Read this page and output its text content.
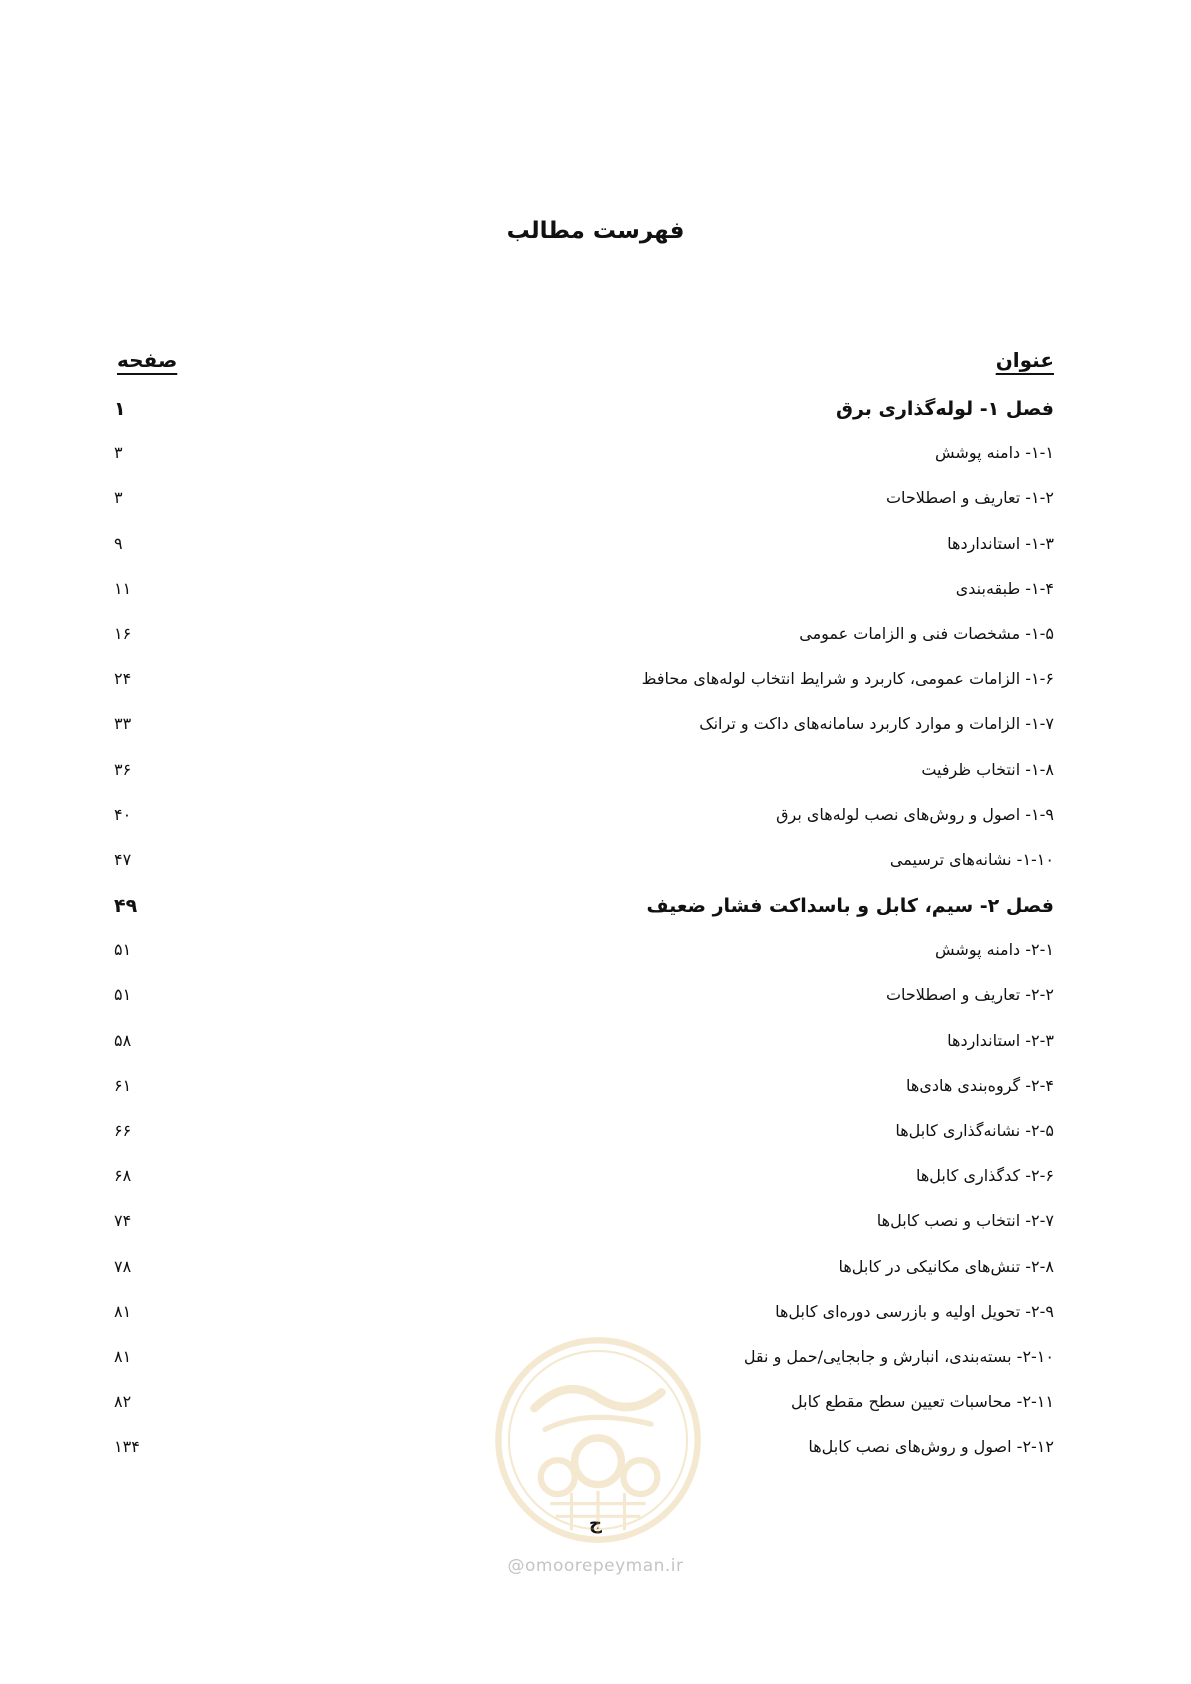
فهرست مطالب
عنوان
صفحه
فصل ۱- لوله‌گذاری برق
۱
۱-۱- دامنه پوشش
۳
۱-۲- تعاریف و اصطلاحات
۳
۱-۳- استانداردها
۹
۱-۴- طبقه‌بندی
۱۱
۱-۵- مشخصات فنی و الزامات عمومی
۱۶
۱-۶- الزامات عمومی، کاربرد و شرایط انتخاب لوله‌های محافظ
۲۴
۱-۷- الزامات و موارد کاربرد سامانه‌های داکت و ترانک
۳۳
۱-۸- انتخاب ظرفیت
۳۶
۱-۹- اصول و روش‌های نصب لوله‌های برق
۴۰
۱-۱۰- نشانه‌های ترسیمی
۴۷
فصل ۲- سیم، کابل و باسداکت فشار ضعیف
۴۹
۲-۱- دامنه پوشش
۵۱
۲-۲- تعاریف و اصطلاحات
۵۱
۲-۳- استانداردها
۵۸
۲-۴- گروه‌بندی هادی‌ها
۶۱
۲-۵- نشانه‌گذاری کابل‌ها
۶۶
۲-۶- کدگذاری کابل‌ها
۶۸
۲-۷- انتخاب و نصب کابل‌ها
۷۴
۲-۸- تنش‌های مکانیکی در کابل‌ها
۷۸
۲-۹- تحویل اولیه و بازرسی دوره‌ای کابل‌ها
۸۱
۲-۱۰- بسته‌بندی، انبارش و جابجایی/حمل و نقل
۸۱
۲-۱۱- محاسبات تعیین سطح مقطع کابل
۸۲
۲-۱۲- اصول و روش‌های نصب کابل‌ها
۱۳۴
ج
@omoorepeyman.ir
